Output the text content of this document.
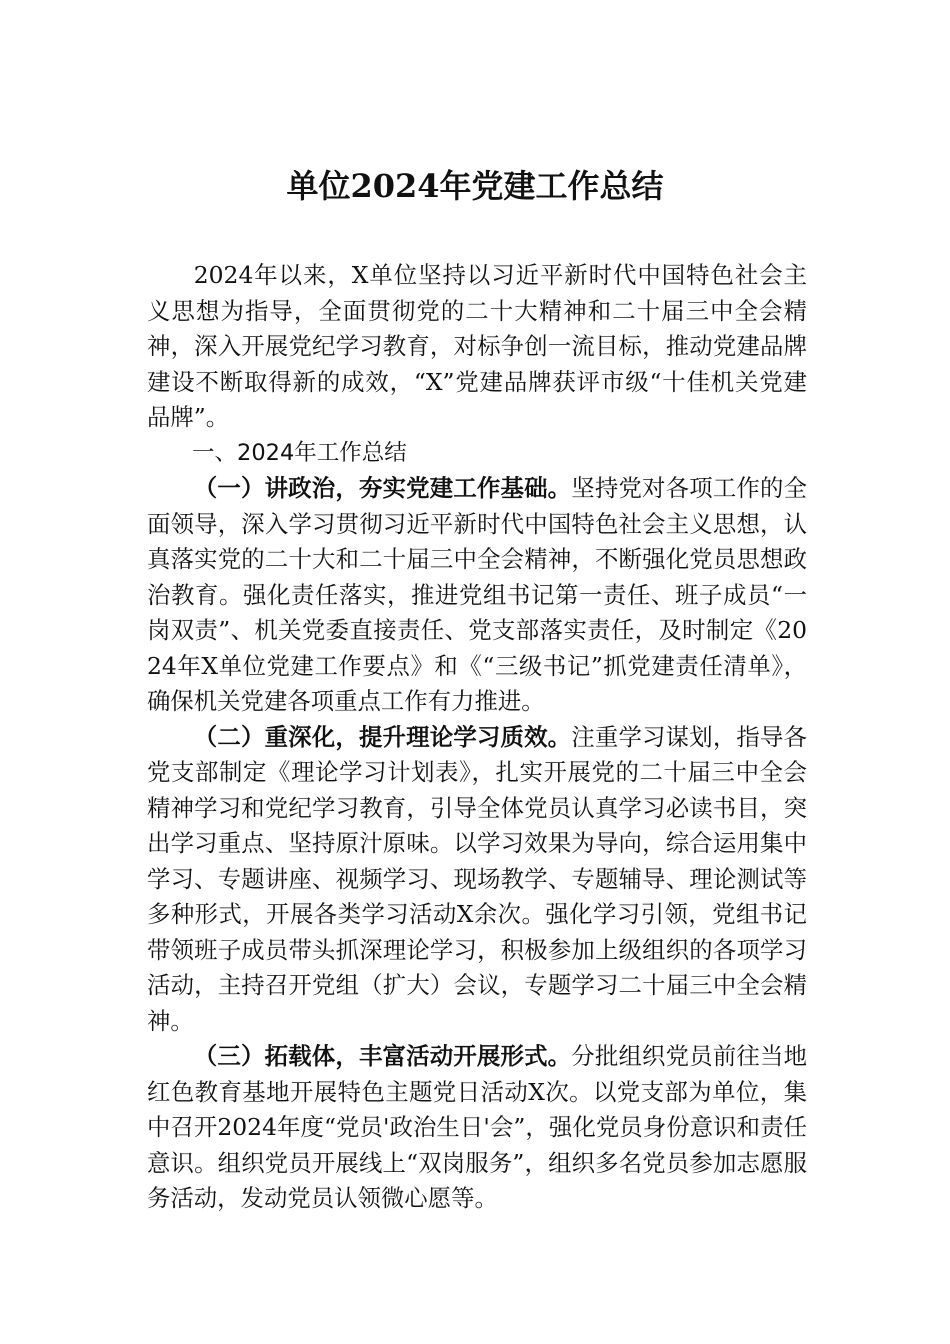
单位2024年党建工作总结

2024年以来，X单位坚持以习近平新时代中国特色社会主义思想为指导，全面贯彻党的二十大精神和二十届三中全会精神，深入开展党纪学习教育，对标争创一流目标，推动党建品牌建设不断取得新的成效，“X”党建品牌获评市级“十佳机关党建品牌”。

一、2024年工作总结

（一）讲政治，夯实党建工作基础。坚持党对各项工作的全面领导，深入学习贯彻习近平新时代中国特色社会主义思想，认真落实党的二十大和二十届三中全会精神，不断强化党员思想政治教育。强化责任落实，推进党组书记第一责任、班子成员“一岗双责”、机关党委直接责任、党支部落实责任，及时制定《2024年X单位党建工作要点》和《“三级书记”抓党建责任清单》，确保机关党建各项重点工作有力推进。

（二）重深化，提升理论学习质效。注重学习谋划，指导各党支部制定《理论学习计划表》，扎实开展党的二十届三中全会精神学习和党纪学习教育，引导全体党员认真学习必读书目，突出学习重点、坚持原汁原味。以学习效果为导向，综合运用集中学习、专题讲座、视频学习、现场教学、专题辅导、理论测试等多种形式，开展各类学习活动X余次。强化学习引领，党组书记带领班子成员带头抓深理论学习，积极参加上级组织的各项学习活动，主持召开党组（扩大）会议，专题学习二十届三中全会精神。

（三）拓载体，丰富活动开展形式。分批组织党员前往当地红色教育基地开展特色主题党日活动X次。以党支部为单位，集中召开2024年度“党员'政治生日'会”，强化党员身份意识和责任意识。组织党员开展线上“双岗服务”，组织多名党员参加志愿服务活动，发动党员认领微心愿等。
